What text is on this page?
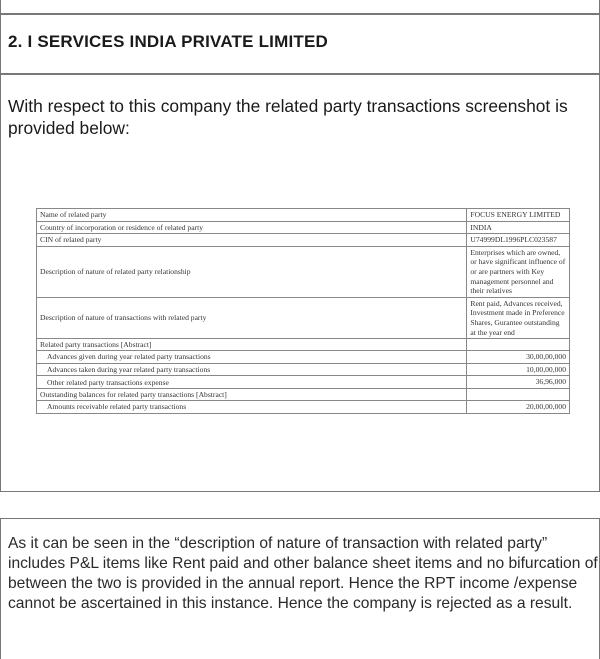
2. I SERVICES INDIA PRIVATE LIMITED
With respect to this company the related party transactions screenshot is provided below:
Name of related party	FOCUS ENERGY LIMITED
Country of incorporation or residence of related party	INDIA
CIN of related party	U74999DL1996PLC023587
Description of nature of related party relationship	Enterprises which are owned, or have significant influence of or are partners with Key management personnel and their relatives
Description of nature of transactions with related party	Rent paid, Advances received, Investment made in Preference Shares, Gurantee outstanding at the year end
Related party transactions [Abstract]	
Advances given during year related party transactions	30,00,00,000
Advances taken during year related party transactions	10,00,00,000
Other related party transactions expense	36,96,000
Outstanding balances for related party transactions [Abstract]	
Amounts receivable related party transactions	20,00,00,000
As it can be seen in the “description of nature of transaction with related party” includes P&L items like Rent paid and other balance sheet items and no bifurcation of between the two is provided in the annual report. Hence the RPT income /expense cannot be ascertained in this instance. Hence the company is rejected as a result.
